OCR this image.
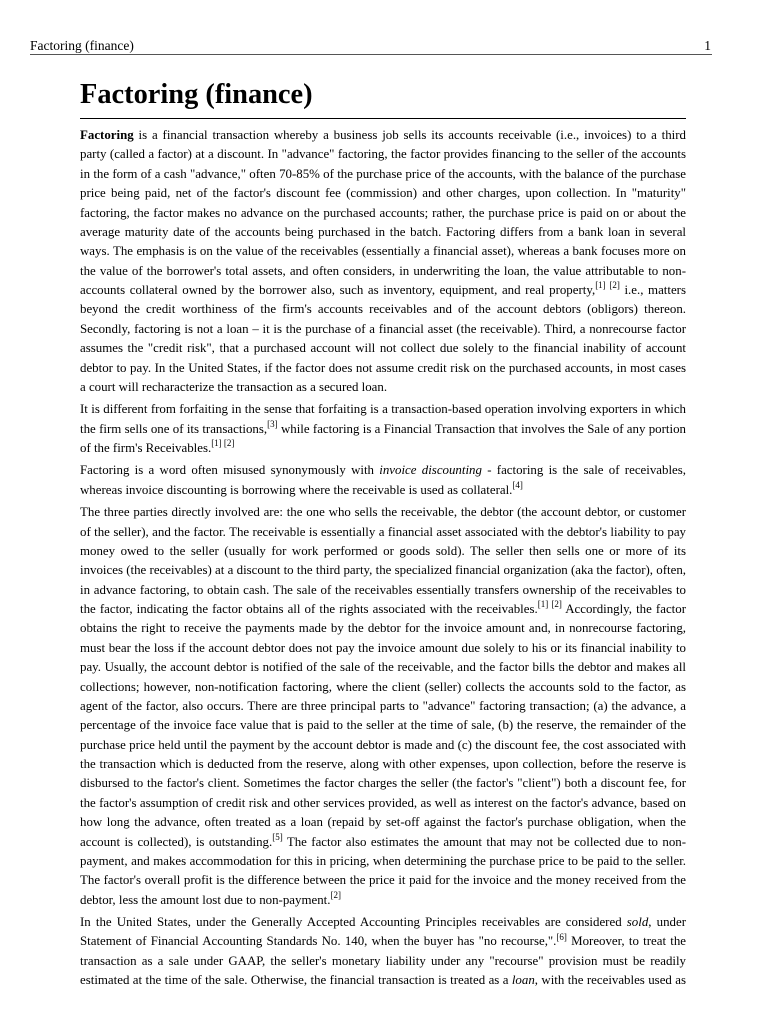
Factoring (finance)	1
Factoring (finance)

Factoring is a financial transaction whereby a business job sells its accounts receivable (i.e., invoices) to a third party (called a factor) at a discount. In "advance" factoring, the factor provides financing to the seller of the accounts in the form of a cash "advance," often 70-85% of the purchase price of the accounts, with the balance of the purchase price being paid, net of the factor's discount fee (commission) and other charges, upon collection. In "maturity" factoring, the factor makes no advance on the purchased accounts; rather, the purchase price is paid on or about the average maturity date of the accounts being purchased in the batch. Factoring differs from a bank loan in several ways. The emphasis is on the value of the receivables (essentially a financial asset), whereas a bank focuses more on the value of the borrower's total assets, and often considers, in underwriting the loan, the value attributable to non-accounts collateral owned by the borrower also, such as inventory, equipment, and real property,[1] [2] i.e., matters beyond the credit worthiness of the firm's accounts receivables and of the account debtors (obligors) thereon. Secondly, factoring is not a loan – it is the purchase of a financial asset (the receivable). Third, a nonrecourse factor assumes the "credit risk", that a purchased account will not collect due solely to the financial inability of account debtor to pay. In the United States, if the factor does not assume credit risk on the purchased accounts, in most cases a court will recharacterize the transaction as a secured loan.

It is different from forfaiting in the sense that forfaiting is a transaction-based operation involving exporters in which the firm sells one of its transactions,[3] while factoring is a Financial Transaction that involves the Sale of any portion of the firm's Receivables.[1] [2]

Factoring is a word often misused synonymously with invoice discounting - factoring is the sale of receivables, whereas invoice discounting is borrowing where the receivable is used as collateral.[4]

The three parties directly involved are: the one who sells the receivable, the debtor (the account debtor, or customer of the seller), and the factor. The receivable is essentially a financial asset associated with the debtor's liability to pay money owed to the seller (usually for work performed or goods sold). The seller then sells one or more of its invoices (the receivables) at a discount to the third party, the specialized financial organization (aka the factor), often, in advance factoring, to obtain cash. The sale of the receivables essentially transfers ownership of the receivables to the factor, indicating the factor obtains all of the rights associated with the receivables.[1] [2] Accordingly, the factor obtains the right to receive the payments made by the debtor for the invoice amount and, in nonrecourse factoring, must bear the loss if the account debtor does not pay the invoice amount due solely to his or its financial inability to pay. Usually, the account debtor is notified of the sale of the receivable, and the factor bills the debtor and makes all collections; however, non-notification factoring, where the client (seller) collects the accounts sold to the factor, as agent of the factor, also occurs. There are three principal parts to "advance" factoring transaction; (a) the advance, a percentage of the invoice face value that is paid to the seller at the time of sale, (b) the reserve, the remainder of the purchase price held until the payment by the account debtor is made and (c) the discount fee, the cost associated with the transaction which is deducted from the reserve, along with other expenses, upon collection, before the reserve is disbursed to the factor's client. Sometimes the factor charges the seller (the factor's "client") both a discount fee, for the factor's assumption of credit risk and other services provided, as well as interest on the factor's advance, based on how long the advance, often treated as a loan (repaid by set-off against the factor's purchase obligation, when the account is collected), is outstanding.[5] The factor also estimates the amount that may not be collected due to non-payment, and makes accommodation for this in pricing, when determining the purchase price to be paid to the seller. The factor's overall profit is the difference between the price it paid for the invoice and the money received from the debtor, less the amount lost due to non-payment.[2]

In the United States, under the Generally Accepted Accounting Principles receivables are considered sold, under Statement of Financial Accounting Standards No. 140, when the buyer has "no recourse,".[6] Moreover, to treat the transaction as a sale under GAAP, the seller's monetary liability under any "recourse" provision must be readily estimated at the time of the sale. Otherwise, the financial transaction is treated as a loan, with the receivables used as
